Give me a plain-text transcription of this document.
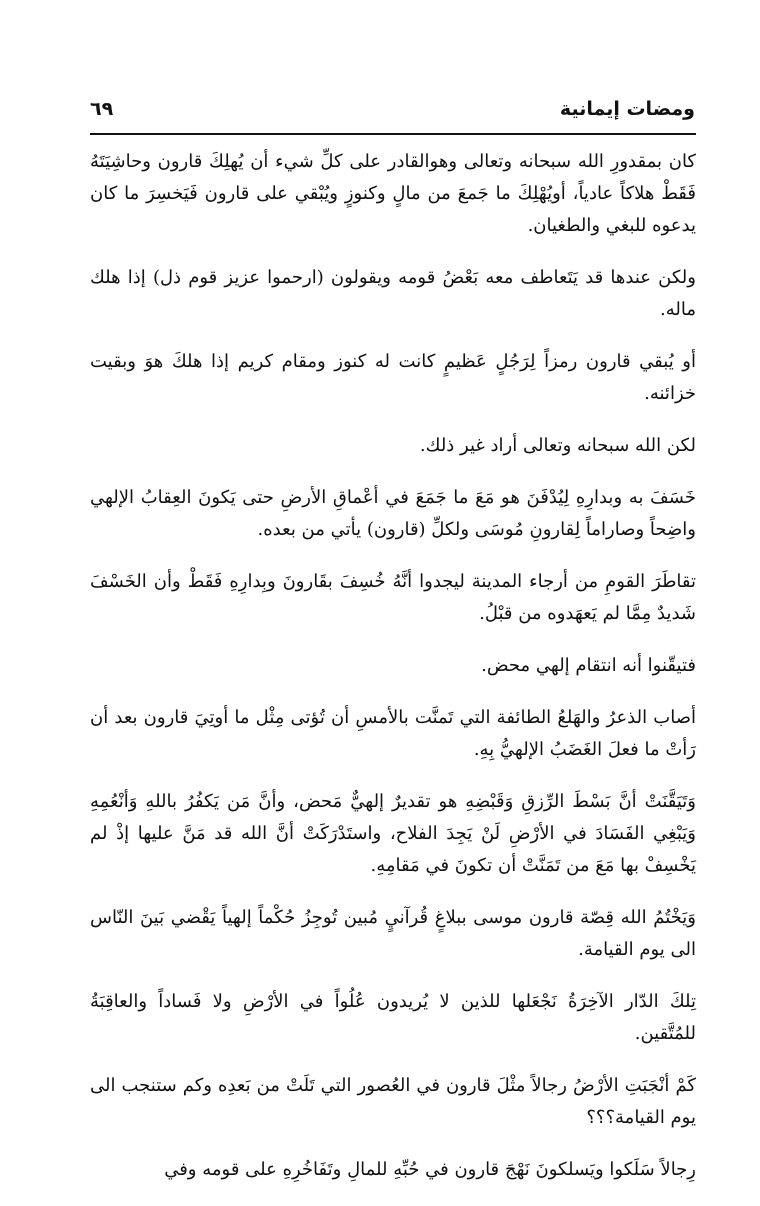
ومضات إيمانية
٦٩

كان بمقدورِ الله سبحانه وتعالى وهوالقادر على كلِّ شيء أن يُهلِكَ قارون وحاشِيَتَهُ فَقَطْ هلاكاً عادياً، أويُهْلِكَ ما جَمعَ من مالٍ وكنوزٍ ويُبْقي على قارون فَيَخسِرَ ما كان يدعوه للبغي والطغيان.

ولكن عندها قد يَتَعاطف معه بَعْضُ قومه ويقولون (ارحموا عزيز قوم ذل) إذا هلك ماله.

أو يُبقي قارون رمزاً لِرَجُلٍ عَظيمٍ كانت له كنوز ومقام كريم إذا هلكَ هوَ وبقيت خزائنه.

لكن الله سبحانه وتعالى أراد غير ذلك.

خَسَفَ به وبدارِهِ لِيُدْفَنَ هو مَعَ ما جَمَعَ في أعْماقِ الأرضِ حتى يَكونَ العِقابُ الإلهي واضِحاً وصاراماً لِقارونِ مُوسَى ولكلِّ (قارون) يأتي من بعده.

تقاطَرَ القومِ من أرجاء المدينة ليجدوا أنَّهُ خُسِفَ بقَارونَ وبِدارِهِ فَقَطْ وأن الخَسْفَ شَديدٌ مِمَّا لم يَعهَدوه من قبْلُ.

فتيقّنوا أنه انتقام إلهي محض.

أصاب الذعرُ والهَلعُ الطائفة التي تَمنَّت بالأمسِ أن تُؤتى مِثْل ما أوتِيَ قارون بعد أن رَأتْ ما فعلَ الغَضَبُ الإلهيُّ بِهِ.

وَتَيَقَّنَتْ أنَّ بَسْطَ الرِّزقِ وَقَبْضِهِ هو تقديرٌ إلهيٌّ مَحض، وأنَّ مَن يَكفُرُ باللهِ وَأنْعُمِهِ وَيَبْغِي الفَسَادَ في الأرْضِ لَنْ يَجِدَ الفلاح، واستَدْرَكَتْ أنَّ الله قد مَنَّ عليها إذْ لم يَخْسِفْ بها مَعَ من تَمَنَّتْ أن تكونَ في مَقامِهِ.

وَيَخْتُمُ الله قِصّة قارون موسى ببلاغٍ قُرآنيٍ مُبين تُوجِزُ حُكْماً إلهياً يَقْضي بَينَ النّاس الى يوم القيامة.

تِلكَ الدّار الآخِرَةُ نَجْعَلها للذين لا يُريدون عُلُواً في الأرْضِ ولا فَساداً والعاقِبَةُ للمُتَّقين.

كَمْ أنْجَبَتِ الأرْضُ رجالاً مثْلَ قارون في العُصور التي تَلَتْ من بَعدِه وكم ستنجب الى يوم القيامة؟؟؟

رِجالاً سَلَكوا ويَسلكونَ نَهْجَ قارون في حُبِّهِ للمالِ وتَفَاخُرِهِ على قومه وفي
